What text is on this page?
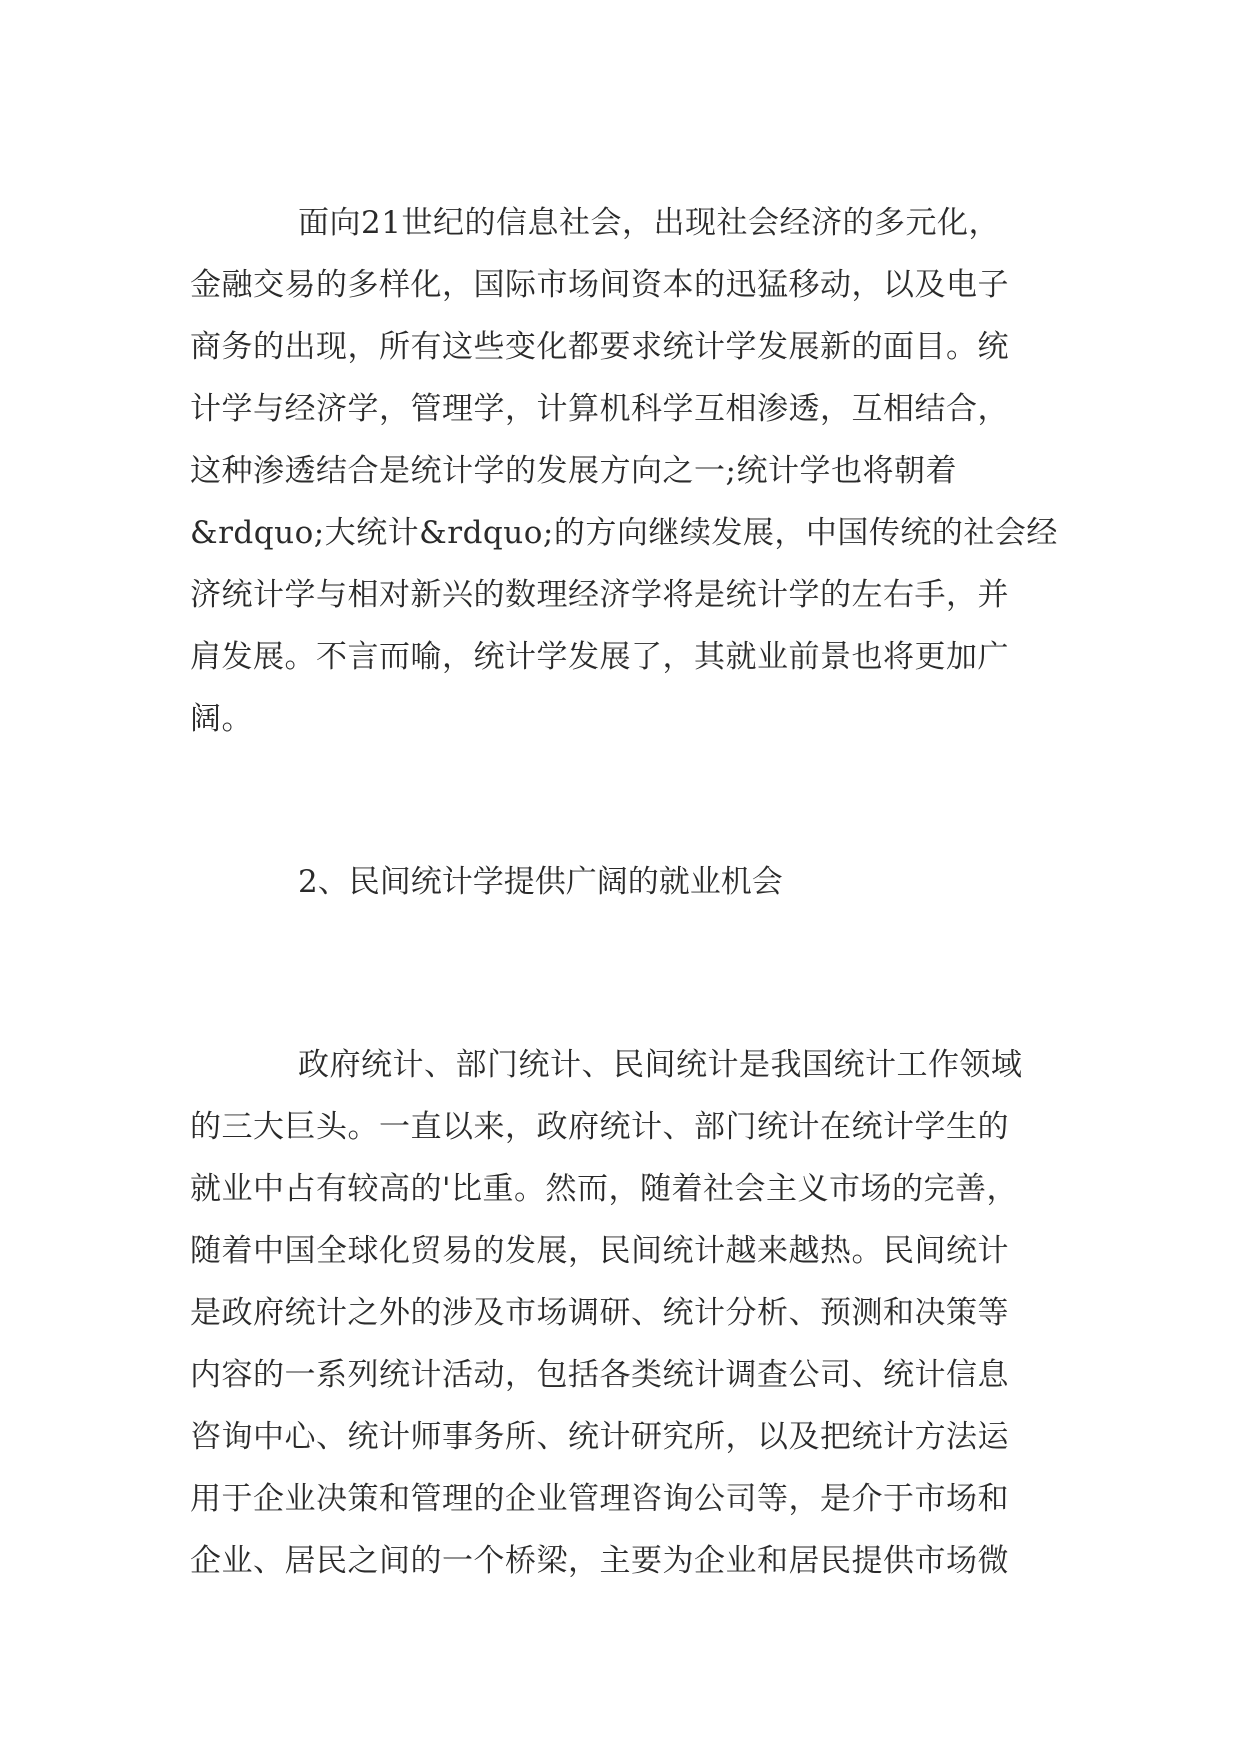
面向21世纪的信息社会，出现社会经济的多元化，
金融交易的多样化，国际市场间资本的迅猛移动，以及电子
商务的出现，所有这些变化都要求统计学发展新的面目。统
计学与经济学，管理学，计算机科学互相渗透，互相结合，
这种渗透结合是统计学的发展方向之一;统计学也将朝着
&rdquo;大统计&rdquo;的方向继续发展，中国传统的社会经
济统计学与相对新兴的数理经济学将是统计学的左右手，并
肩发展。不言而喻，统计学发展了，其就业前景也将更加广
阔。
2、民间统计学提供广阔的就业机会
政府统计、部门统计、民间统计是我国统计工作领域
的三大巨头。一直以来，政府统计、部门统计在统计学生的
就业中占有较高的'比重。然而，随着社会主义市场的完善，
随着中国全球化贸易的发展，民间统计越来越热。民间统计
是政府统计之外的涉及市场调研、统计分析、预测和决策等
内容的一系列统计活动，包括各类统计调查公司、统计信息
咨询中心、统计师事务所、统计研究所，以及把统计方法运
用于企业决策和管理的企业管理咨询公司等，是介于市场和
企业、居民之间的一个桥梁，主要为企业和居民提供市场微
